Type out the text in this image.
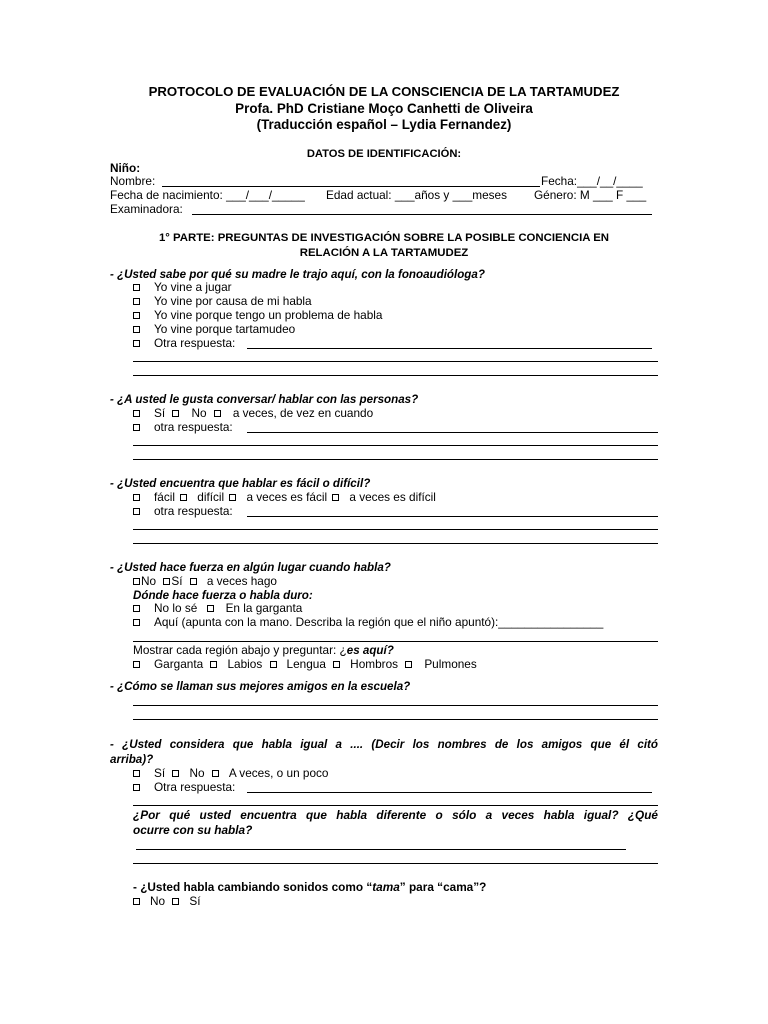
PROTOCOLO DE EVALUACIÓN DE LA CONSCIENCIA DE LA TARTAMUDEZ
Profa. PhD Cristiane Moço Canhetti de Oliveira
(Traducción español – Lydia Fernandez)
DATOS DE IDENTIFICACIÓN:
Niño:
Nombre:	Fecha:___/__/____
Fecha de nacimiento: ___/___/_____ Edad actual: ___años y ___meses Género: M ___ F ___
Examinadora:
1° PARTE: PREGUNTAS DE INVESTIGACIÓN SOBRE LA POSIBLE CONCIENCIA EN
RELACIÓN A LA TARTAMUDEZ
- ¿Usted sabe por qué su madre le trajo aquí, con la fonoaudióloga?
Yo vine a jugar
Yo vine por causa de mi habla
Yo vine porque tengo un problema de habla
Yo vine porque tartamudeo
Otra respuesta:
- ¿A usted le gusta conversar/ hablar con las personas?
Sí No a veces, de vez en cuando
otra respuesta:
- ¿Usted encuentra que hablar es fácil o difícil?
fácil difícil a veces es fácil a veces es difícil
otra respuesta:
- ¿Usted hace fuerza en algún lugar cuando habla?
No Sí a veces hago
Dónde hace fuerza o habla duro:
No lo sé En la garganta
Aquí (apunta con la mano. Describa la región que el niño apuntó):________________
Mostrar cada región abajo y preguntar: ¿es aquí?
Garganta Labios Lengua Hombros Pulmones
- ¿Cómo se llaman sus mejores amigos en la escuela?
- ¿Usted considera que habla igual a .... (Decir los nombres de los amigos que él citó
arriba)?
Sí No A veces, o un poco
Otra respuesta:
¿Por qué usted encuentra que habla diferente o sólo a veces habla igual? ¿Qué
ocurre con su habla?
- ¿Usted habla cambiando sonidos como “tama” para “cama”?
No Sí
